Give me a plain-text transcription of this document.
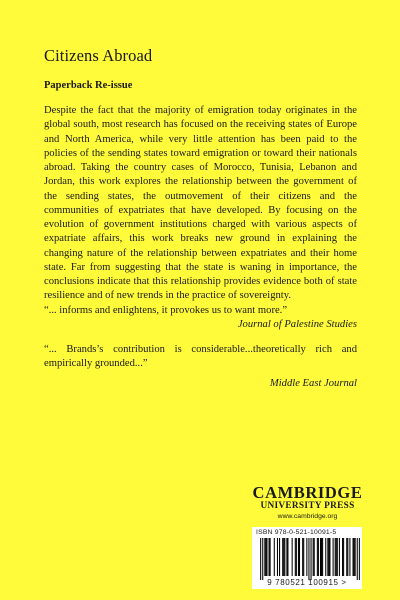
Citizens Abroad
Paperback Re-issue
Despite the fact that the majority of emigration today originates in the global south, most research has focused on the receiving states of Europe and North America, while very little attention has been paid to the policies of the sending states toward emigration or toward their nationals abroad. Taking the country cases of Morocco, Tunisia, Lebanon and Jordan, this work explores the relationship between the government of the sending states, the outmovement of their citizens and the communities of expatriates that have developed. By focusing on the evolution of government institutions charged with various aspects of expatriate affairs, this work breaks new ground in explaining the changing nature of the relationship between expatriates and their home state. Far from suggesting that the state is waning in importance, the conclusions indicate that this relationship provides evidence both of state resilience and of new trends in the practice of sovereignty.
“... informs and enlightens, it provokes us to want more.”
Journal of Palestine Studies
“... Brands’s contribution is considerable...theoretically rich and empirically grounded...”
Middle East Journal
CAMBRIDGE
UNIVERSITY PRESS
www.cambridge.org
ISBN 978-0-521-10091-5
9 780521 100915 >
